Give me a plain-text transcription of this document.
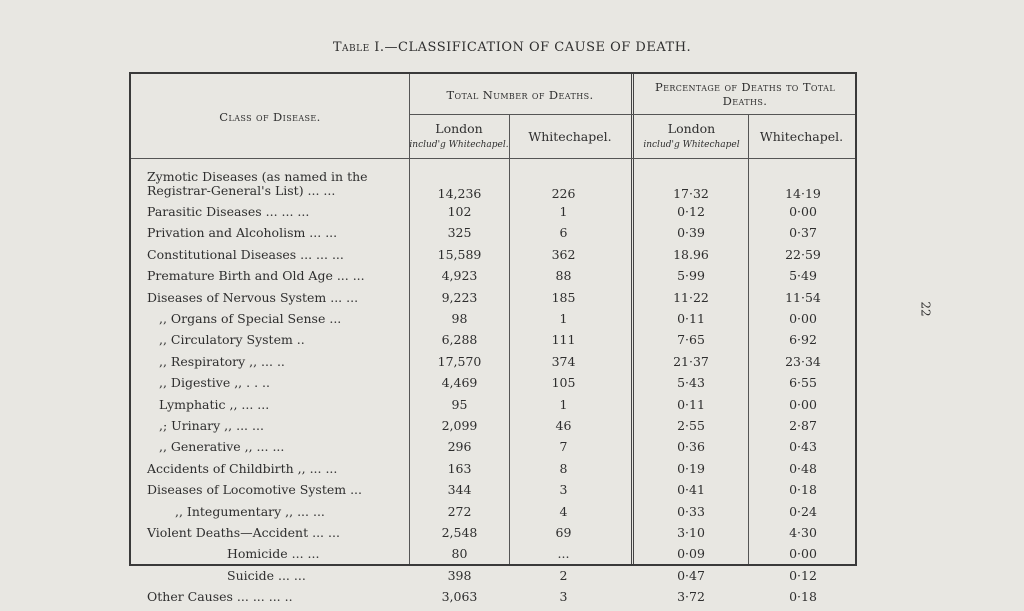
Table I.—CLASSIFICATION OF CAUSE OF DEATH.
22
Class of Disease.
Total Number of Deaths.
Percentage of Deaths to Total Deaths.
London
includ'g Whitechapel.
Whitechapel.
London
includ'g Whitechapel
Whitechapel.
Zymotic Diseases (as named in the Registrar-General's List) ... ...	14,236	226	17·32	14·19
Parasitic Diseases ... ... ...	102	1	0·12	0·00
Privation and Alcoholism ... ...	325	6	0·39	0·37
Constitutional Diseases ... ... ...	15,589	362	18.96	22·59
Premature Birth and Old Age ... ...	4,923	88	5·99	5·49
Diseases of Nervous System ... ...	9,223	185	11·22	11·54
,, Organs of Special Sense ...	98	1	0·11	0·00
,, Circulatory System ..	6,288	111	7·65	6·92
,, Respiratory ,, ... ..	17,570	374	21·37	23·34
,, Digestive ,, . . ..	4,469	105	5·43	6·55
Lymphatic ,, ... ...	95	1	0·11	0·00
,; Urinary ,, ... ...	2,099	46	2·55	2·87
,, Generative ,, ... ...	296	7	0·36	0·43
Accidents of Childbirth ,, ... ...	163	8	0·19	0·48
Diseases of Locomotive System ...	344	3	0·41	0·18
,, Integumentary ,, ... ...	272	4	0·33	0·24
Violent Deaths—Accident ... ...	2,548	69	3·10	4·30
Homicide ... ...	80	...	0·09	0·00
Suicide ... ...	398	2	0·47	0·12
Other Causes ... ... ... ..	3,063	3	3·72	0·18
